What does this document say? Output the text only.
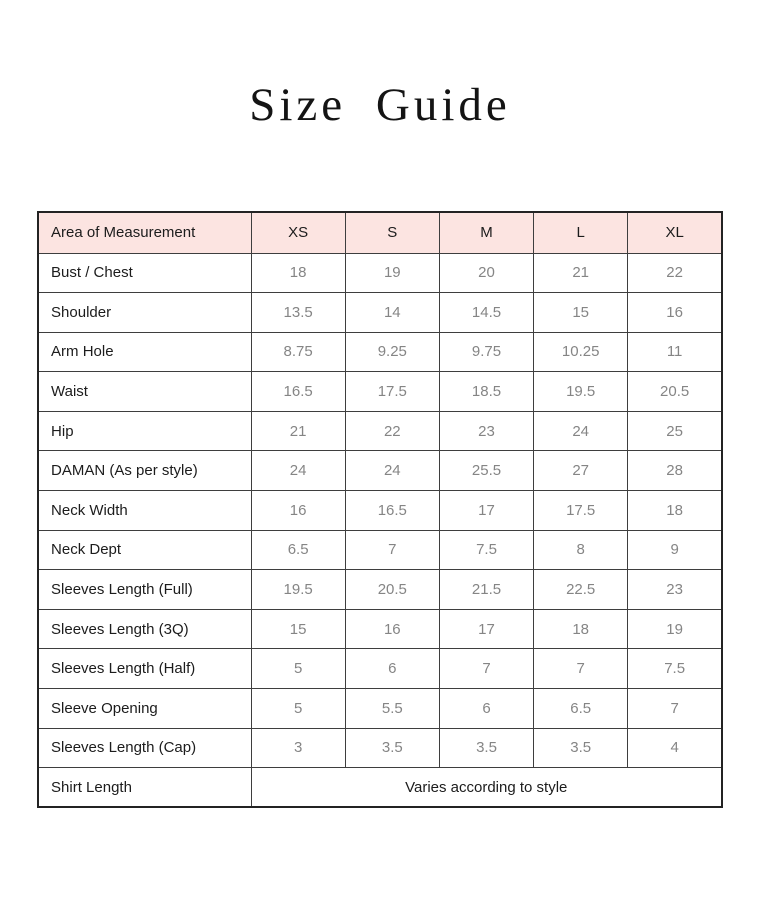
Size Guide
Area of Measurement	XS	S	M	L	XL
Bust / Chest	18	19	20	21	22
Shoulder	13.5	14	14.5	15	16
Arm Hole	8.75	9.25	9.75	10.25	11
Waist	16.5	17.5	18.5	19.5	20.5
Hip	21	22	23	24	25
DAMAN (As per style)	24	24	25.5	27	28
Neck Width	16	16.5	17	17.5	18
Neck Dept	6.5	7	7.5	8	9
Sleeves Length (Full)	19.5	20.5	21.5	22.5	23
Sleeves Length (3Q)	15	16	17	18	19
Sleeves Length (Half)	5	6	7	7	7.5
Sleeve Opening	5	5.5	6	6.5	7
Sleeves Length (Cap)	3	3.5	3.5	3.5	4
Shirt Length	Varies according to style				
